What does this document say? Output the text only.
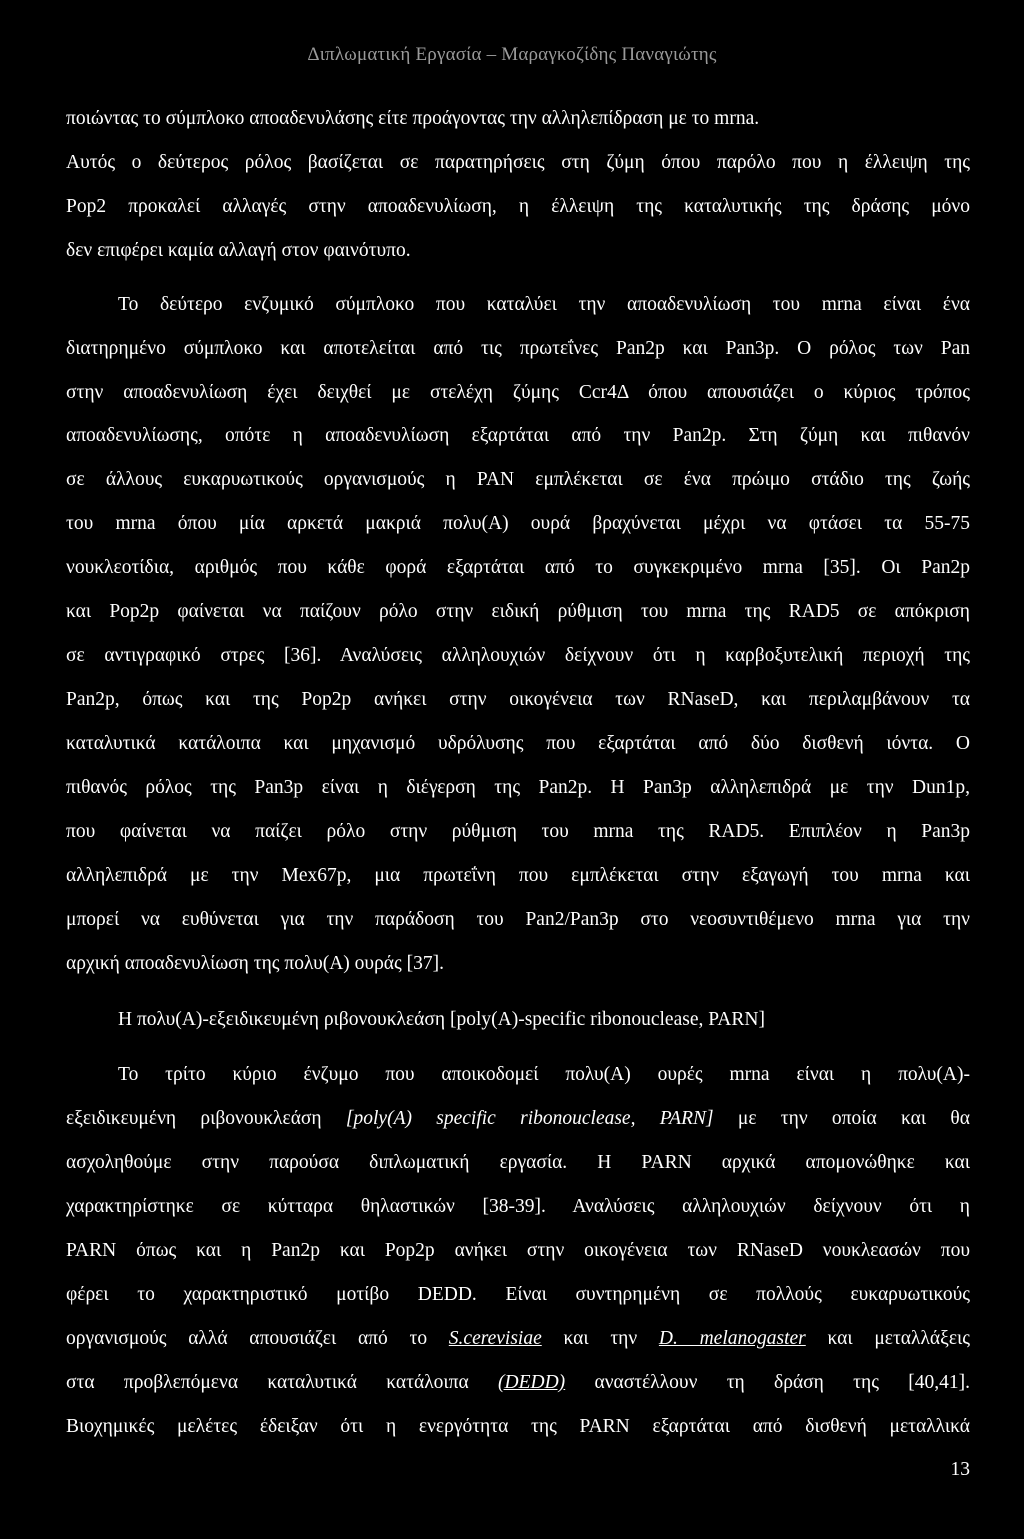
Διπλωματική Εργασία – Μαραγκοζίδης Παναγιώτης
ποιώντας το σύμπλοκο αποαδενυλάσης είτε προάγοντας την αλληλεπίδραση με το mrna.
Αυτός ο δεύτερος ρόλος βασίζεται σε παρατηρήσεις στη ζύμη όπου παρόλο που η έλλειψη της
Pop2 προκαλεί αλλαγές στην αποαδενυλίωση, η έλλειψη της καταλυτικής της δράσης μόνο
δεν επιφέρει καμία αλλαγή στον φαινότυπο.
Το δεύτερο ενζυμικό σύμπλοκο που καταλύει την αποαδενυλίωση του mrna είναι ένα
διατηρημένο σύμπλοκο και αποτελείται από τις πρωτεΐνες Pan2p και Pan3p. Ο ρόλος των Pan
στην αποαδενυλίωση έχει δειχθεί με στελέχη ζύμης Ccr4Δ όπου απουσιάζει ο κύριος τρόπος
αποαδενυλίωσης, οπότε η αποαδενυλίωση εξαρτάται από την Pan2p. Στη ζύμη και πιθανόν
σε άλλους ευκαρυωτικούς οργανισμούς η PAN εμπλέκεται σε ένα πρώιμο στάδιο της ζωής
του mrna όπου μία αρκετά μακριά πολυ(A) ουρά βραχύνεται μέχρι να φτάσει τα 55-75
νουκλεοτίδια, αριθμός που κάθε φορά εξαρτάται από το συγκεκριμένο mrna [35]. Οι Pan2p
και Pop2p φαίνεται να παίζουν ρόλο στην ειδική ρύθμιση του mrna της RAD5 σε απόκριση
σε αντιγραφικό στρες [36]. Αναλύσεις αλληλουχιών δείχνουν ότι η καρβοξυτελική περιοχή της
Pan2p, όπως και της Pop2p ανήκει στην οικογένεια των RNaseD, και περιλαμβάνουν τα
καταλυτικά κατάλοιπα και μηχανισμό υδρόλυσης που εξαρτάται από δύο δισθενή ιόντα. Ο
πιθανός ρόλος της Pan3p είναι η διέγερση της Pan2p. Η Pan3p αλληλεπιδρά με την Dun1p,
που φαίνεται να παίζει ρόλο στην ρύθμιση του mrna της RAD5. Επιπλέον η Pan3p
αλληλεπιδρά με την Mex67p, μια πρωτεΐνη που εμπλέκεται στην εξαγωγή του mrna και
μπορεί να ευθύνεται για την παράδοση του Pan2/Pan3p στο νεοσυντιθέμενο mrna για την
αρχική αποαδενυλίωση της πολυ(A) ουράς [37].
Η πολυ(A)-εξειδικευμένη ριβονουκλεάση [poly(A)-specific ribonouclease, PARN]
Το τρίτο κύριο ένζυμο που αποικοδομεί πολυ(A) ουρές mrna είναι η πολυ(A)-
εξειδικευμένη ριβονουκλεάση [poly(A) specific ribonouclease, PARN] με την οποία και θα
ασχοληθούμε στην παρούσα διπλωματική εργασία. Η PARN αρχικά απομονώθηκε και
χαρακτηρίστηκε σε κύτταρα θηλαστικών [38-39]. Αναλύσεις αλληλουχιών δείχνουν ότι η
PARN όπως και η Pan2p και Pop2p ανήκει στην οικογένεια των RNaseD νουκλεασών που
φέρει το χαρακτηριστικό μοτίβο DEDD. Είναι συντηρημένη σε πολλούς ευκαρυωτικούς
οργανισμούς αλλά απουσιάζει από το S.cerevisiae και την D. melanogaster και μεταλλάξεις
στα προβλεπόμενα καταλυτικά κατάλοιπα (DEDD) αναστέλλουν τη δράση της [40,41].
Βιοχημικές μελέτες έδειξαν ότι η ενεργότητα της PARN εξαρτάται από δισθενή μεταλλικά
13
